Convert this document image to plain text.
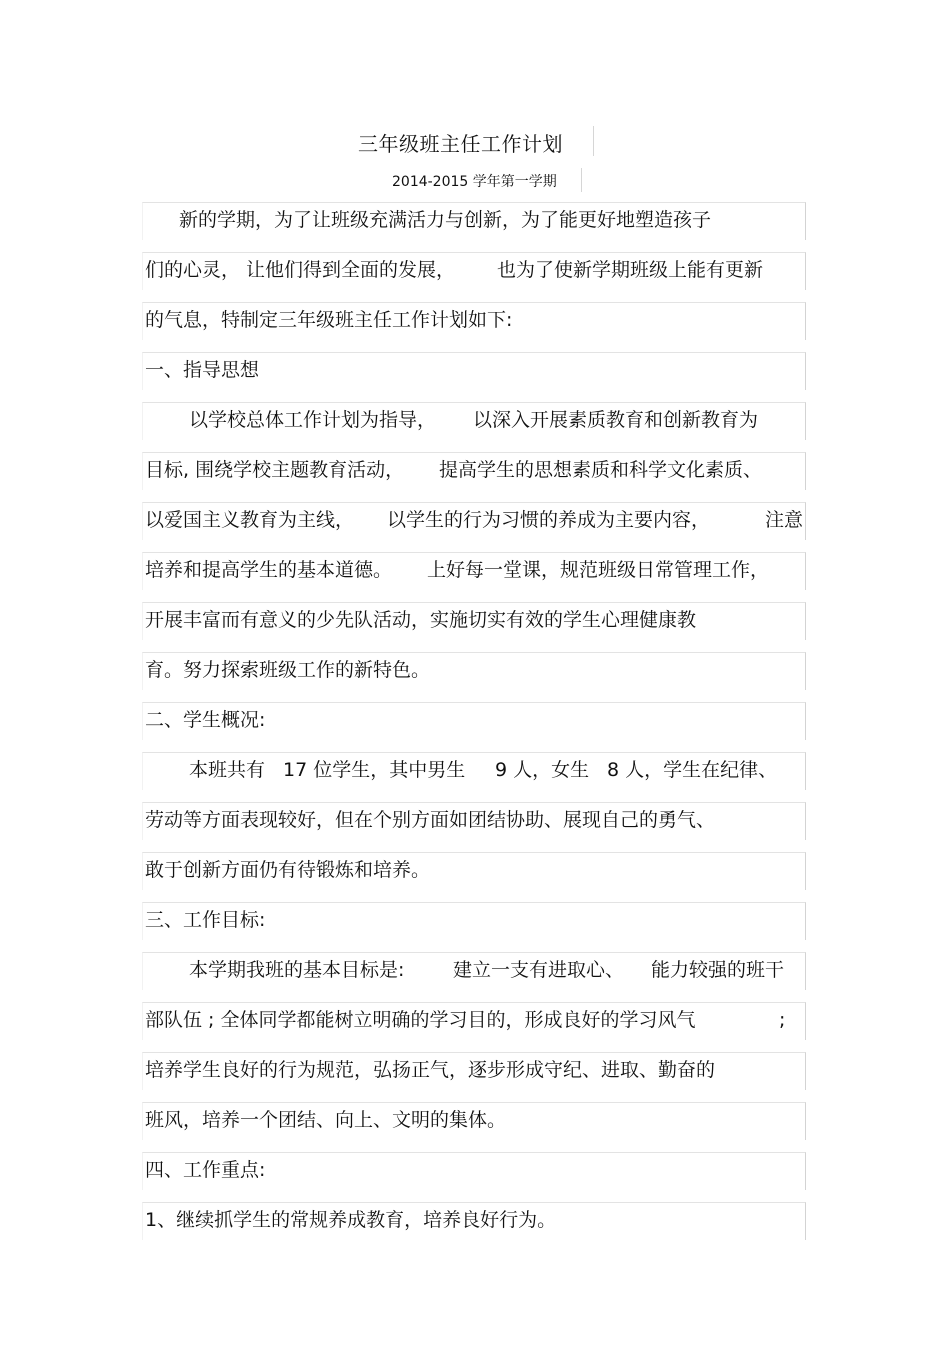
三年级班主任工作计划
2014-2015 学年第一学期
新的学期，为了让班级充满活力与创新，为了能更好地塑造孩子
们的心灵， 让他们得到全面的发展， 也为了使新学期班级上能有更新
的气息，特制定三年级班主任工作计划如下:
一、指导思想
以学校总体工作计划为指导， 以深入开展素质教育和创新教育为
目标, 围绕学校主题教育活动， 提高学生的思想素质和科学文化素质、
以爱国主义教育为主线， 以学生的行为习惯的养成为主要内容，	注意
培养和提高学生的基本道德。 上好每一堂课，规范班级日常管理工作，
开展丰富而有意义的少先队活动，实施切实有效的学生心理健康教
育。努力探索班级工作的新特色。
二、学生概况:
本班共有 17 位学生，其中男生 9 人，女生 8 人，学生在纪律、
劳动等方面表现较好，但在个别方面如团结协助、展现自己的勇气、
敢于创新方面仍有待锻炼和培养。
三、工作目标:
本学期我班的基本目标是:	建立一支有进取心、 能力较强的班干
部队伍 ; 全体同学都能树立明确的学习目的，形成良好的学习风气	;
培养学生良好的行为规范，弘扬正气，逐步形成守纪、进取、勤奋的
班风，培养一个团结、向上、文明的集体。
四、工作重点:
1、继续抓学生的常规养成教育，培养良好行为。
